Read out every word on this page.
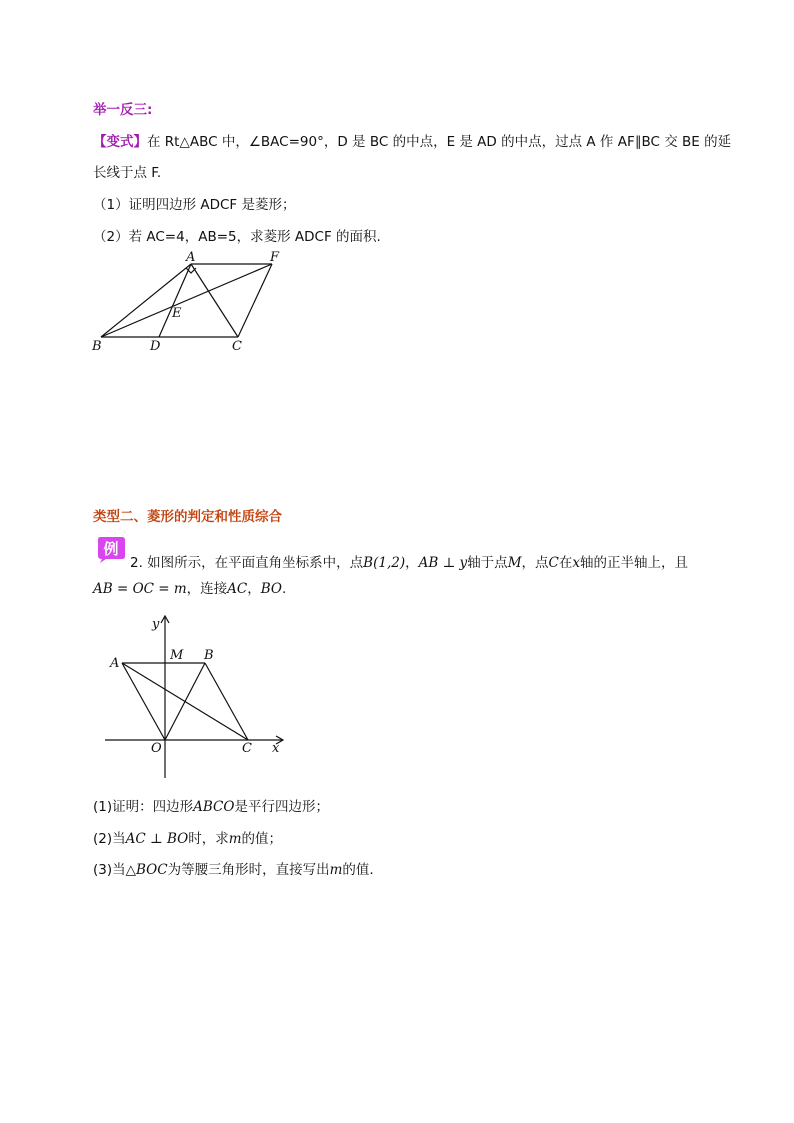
举一反三:
【变式】在 Rt△ABC 中，∠BAC=90°，D 是 BC 的中点，E 是 AD 的中点，过点 A 作 AF∥BC 交 BE 的延
长线于点 F.
（1）证明四边形 ADCF 是菱形；
（2）若 AC=4，AB=5，求菱形 ADCF 的面积.
A	F
E
B	D	C
类型二、菱形的判定和性质综合
例
2. 如图所示，在平面直角坐标系中，点B(1,2)，AB ⊥ y轴于点M，点C在x轴的正半轴上，且
AB = OC = m，连接AC，BO.
y
x
A
M B
O	C
(1)证明：四边形ABCO是平行四边形；
(2)当AC ⊥ BO时，求m的值；
(3)当△BOC为等腰三角形时，直接写出m的值.
